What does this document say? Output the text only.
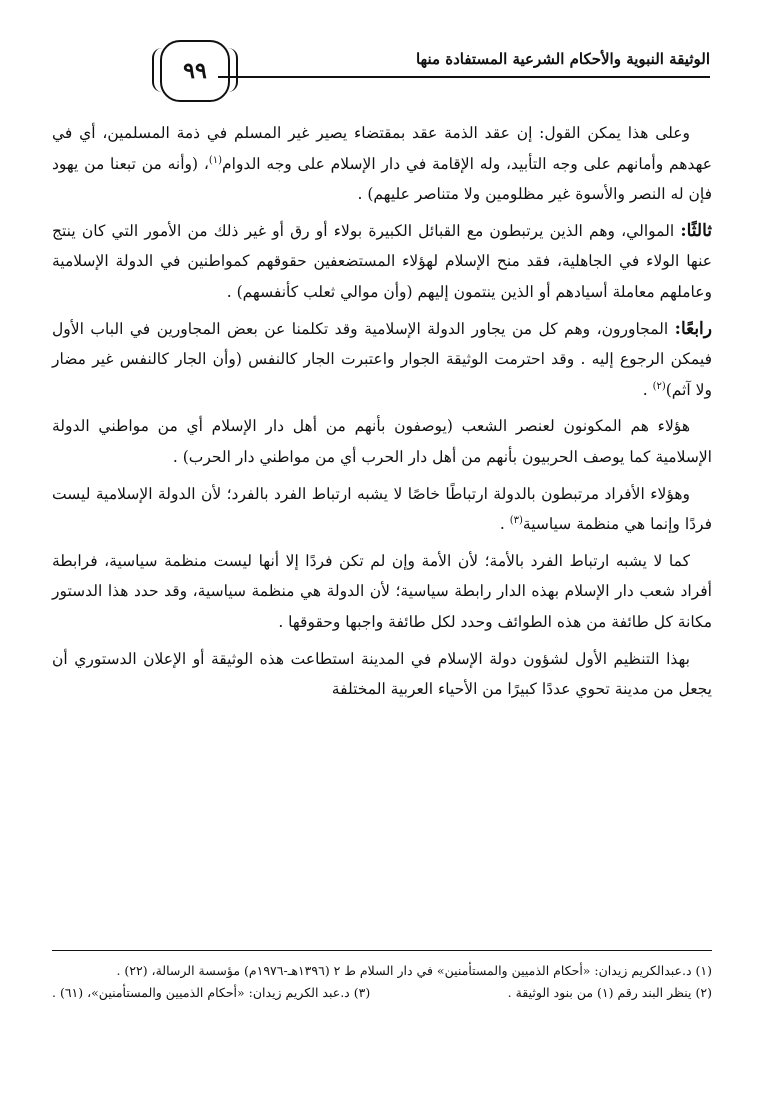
٩٩	الوثيقة النبوية والأحكام الشرعية المستفادة منها

وعلى هذا يمكن القول: إن عقد الذمة عقد بمقتضاء يصير غير المسلم في ذمة المسلمين، أي في عهدهم وأمانهم على وجه التأبيد، وله الإقامة في دار الإسلام على وجه الدوام$^{(١)}$، (وأنه من تبعنا من يهود فإن له النصر والأسوة غير مظلومين ولا متناصر عليهم) .

ثالثًا: الموالي، وهم الذين يرتبطون مع القبائل الكبيرة بولاء أو رق أو غير ذلك من الأمور التي كان ينتج عنها الولاء في الجاهلية، فقد منح الإسلام لهؤلاء المستضعفين حقوقهم كمواطنين في الدولة الإسلامية وعاملهم معاملة أسيادهم أو الذين ينتمون إليهم (وأن موالي ثعلب كأنفسهم) .

رابعًا: المجاورون، وهم كل من يجاور الدولة الإسلامية وقد تكلمنا عن بعض المجاورين في الباب الأول فيمكن الرجوع إليه . وقد احترمت الوثيقة الجوار واعتبرت الجار كالنفس (وأن الجار كالنفس غير مضار ولا آثم)$^{(٢)}$ .

هؤلاء هم المكونون لعنصر الشعب (يوصفون بأنهم من أهل دار الإسلام أي من مواطني الدولة الإسلامية كما يوصف الحربيون بأنهم من أهل دار الحرب أي من مواطني دار الحرب) .

وهؤلاء الأفراد مرتبطون بالدولة ارتباطًا خاصًا لا يشبه ارتباط الفرد بالفرد؛ لأن الدولة الإسلامية ليست فردًا وإنما هي منظمة سياسية$^{(٣)}$ .

كما لا يشبه ارتباط الفرد بالأمة؛ لأن الأمة وإن لم تكن فردًا إلا أنها ليست منظمة سياسية، فرابطة أفراد شعب دار الإسلام بهذه الدار رابطة سياسية؛ لأن الدولة هي منظمة سياسية، وقد حدد هذا الدستور مكانة كل طائفة من هذه الطوائف وحدد لكل طائفة واجبها وحقوقها .

بهذا التنظيم الأول لشؤون دولة الإسلام في المدينة استطاعت هذه الوثيقة أو الإعلان الدستوري أن يجعل من مدينة تحوي عددًا كبيرًا من الأحياء العربية المختلفة

(١) د.عبدالكريم زيدان: «أحكام الذميين والمستأمنين» في دار السلام ط ٢ (١٣٩٦هـ-١٩٧٦م) مؤسسة الرسالة، (٢٢) .
(٢) ينظر البند رقم (١) من بنود الوثيقة .
(٣) د.عبد الكريم زيدان: «أحكام الذميين والمستأمنين»، (٦١) .
